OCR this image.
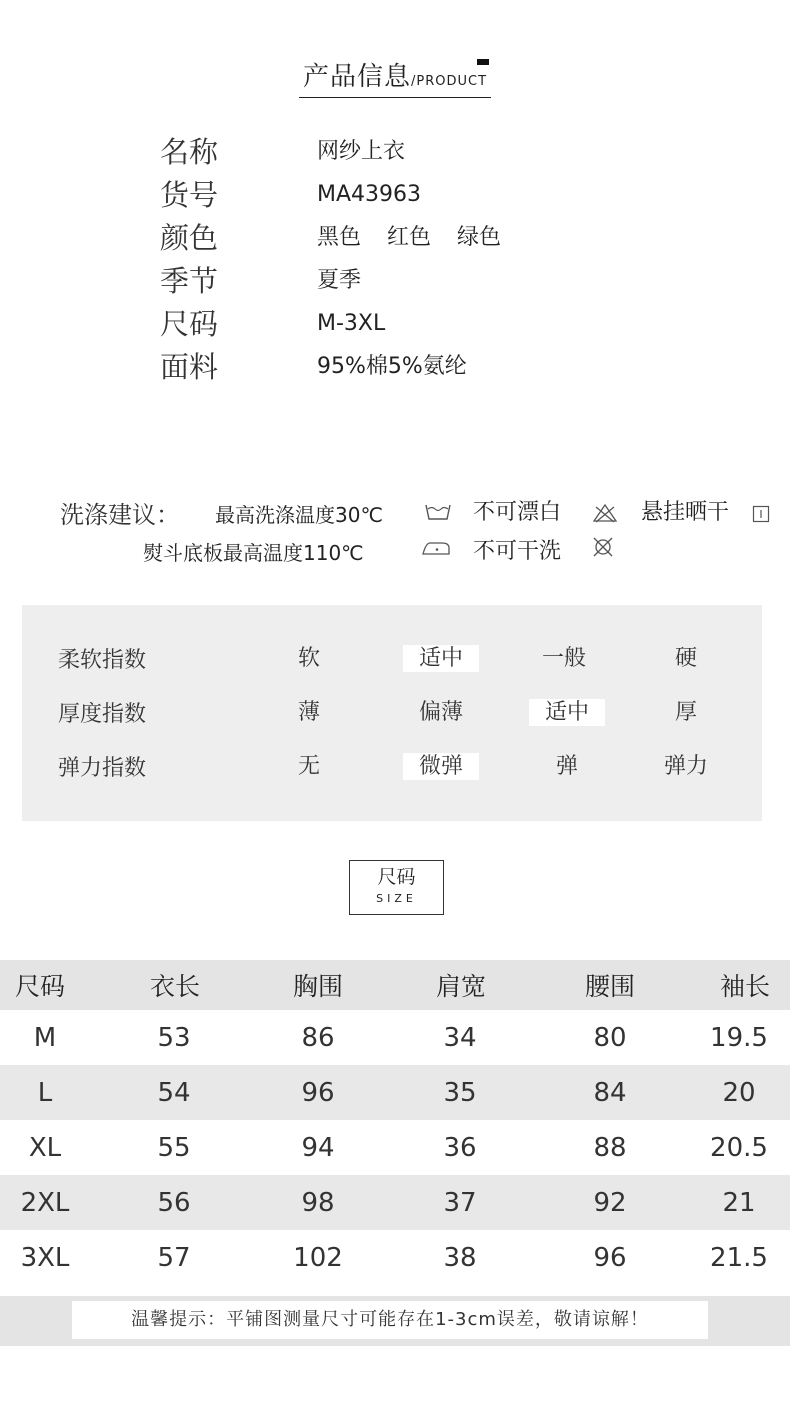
产品信息/PRODUCT
名称	网纱上衣
货号	MA43963
颜色	黑色 红色 绿色
季节	夏季
尺码	M-3XL
面料	95%棉5%氨纶
洗涤建议： 最高洗涤温度30℃	不可漂白	悬挂晒干
熨斗底板最高温度110℃	不可干洗
柔软指数	软	适中	一般	硬
厚度指数	薄	偏薄	适中	厚
弹力指数	无	微弹	弹	弹力
尺码
SIZE
尺码	衣长	胸围	肩宽	腰围	袖长
M	53	86	34	80	19.5
L	54	96	35	84	20
XL	55	94	36	88	20.5
2XL	56	98	37	92	21
3XL	57	102	38	96	21.5
温馨提示：平铺图测量尺寸可能存在1-3cm误差，敬请谅解！
